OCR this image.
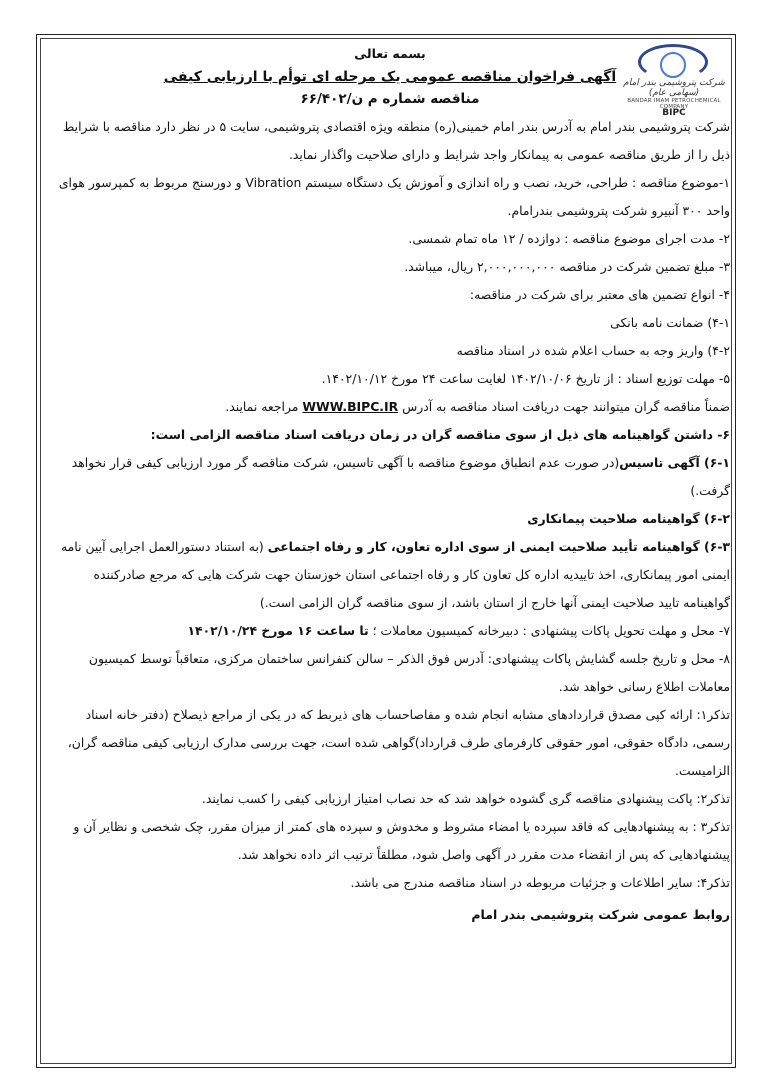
شرکت پتروشیمی بندر امام (سهامی عام)
BANDAR IMAM PETROCHEMICAL COMPANY
BIPC
بسمه تعالی
آگهی فراخوان مناقصه عمومی یک مرحله ای توأم با ارزیابی کیفی
مناقصه شماره م ن/۶۶/۴۰۲

شرکت پتروشیمی بندر امام به آدرس بندر امام خمینی(ره) منطقه ویژه اقتصادی پتروشیمی، سایت ۵ در نظر دارد مناقصه با شرایط ذیل را از طریق مناقصه عمومی به پیمانکار واجد شرایط و دارای صلاحیت واگذار نماید.

۱-موضوع مناقصه : طراحی، خرید، نصب و راه اندازی و آموزش یک دستگاه سیستم Vibration و دورسنج مربوط به کمپرسور هوای واحد ۳۰۰ آنبیرو شرکت پتروشیمی بندرامام.

۲- مدت اجرای موضوع مناقصه : دوازده / ۱۲ ماه تمام شمسی.

۳- مبلغ تضمین شرکت در مناقصه ۲,۰۰۰,۰۰۰,۰۰۰ ریال، میباشد.

۴- انواع تضمین های معتبر برای شرکت در مناقصه:

۴-۱) ضمانت نامه بانکی

۴-۲) واریز وجه به حساب اعلام شده در اسناد مناقصه

۵- مهلت توزیع اسناد : از تاریخ ۱۴۰۲/۱۰/۰۶ لغایت ساعت ۲۴ مورخ ۱۴۰۲/۱۰/۱۲.

ضمناً مناقصه گران میتوانند جهت دریافت اسناد مناقصه به آدرس WWW.BIPC.IR مراجعه نمایند.

۶- داشتن گواهینامه های ذیل از سوی مناقصه گران در زمان دریافت اسناد مناقصه الزامی است:

۶-۱) آگهی تاسیس(در صورت عدم انطباق موضوع مناقصه با آگهی تاسیس، شرکت مناقصه گر مورد ارزیابی کیفی قرار نخواهد گرفت.)

۶-۲) گواهینامه صلاحیت پیمانکاری

۶-۳) گواهینامه تأیید صلاحیت ایمنی از سوی اداره تعاون، کار و رفاه اجتماعی (به استناد دستورالعمل اجرایی آیین نامه ایمنی امور پیمانکاری، اخذ تاییدیه اداره کل تعاون کار و رفاه اجتماعی استان خوزستان جهت شرکت هایی که مرجع صادرکننده گواهینامه تایید صلاحیت ایمنی آنها خارج از استان باشد، از سوی مناقصه گران الزامی است.)

۷- محل و مهلت تحویل پاکات پیشنهادی : دبیرخانه کمیسیون معاملات ؛ تا ساعت ۱۶ مورخ ۱۴۰۲/۱۰/۲۴

۸- محل و تاریخ جلسه گشایش پاکات پیشنهادی: آدرس فوق الذکر – سالن کنفرانس ساختمان مرکزی، متعاقباً توسط کمیسیون معاملات اطلاع رسانی خواهد شد.

تذکر۱: ارائه کپی مصدق قراردادهای مشابه انجام شده و مفاصاحساب های ذیربط که در یکی از مراجع ذیصلاح (دفتر خانه اسناد رسمی، دادگاه حقوقی، امور حقوقی کارفرمای طرف قرارداد)گواهی شده است، جهت بررسی مدارک ارزیابی کیفی مناقصه گران، الزامیست.

تذکر۲: پاکت پیشنهادی مناقصه گری گشوده خواهد شد که حد نصاب امتیاز ارزیابی کیفی را کسب نمایند.

تذکر۳ : به پیشنهادهایی که فاقد سپرده یا امضاء مشروط و مخدوش و سپرده های کمتر از میزان مقرر، چک شخصی و نظایر آن و پیشنهادهایی که پس از انقضاء مدت مقرر در آگهی واصل شود، مطلقاً ترتیب اثر داده نخواهد شد.

تذکر۴: سایر اطلاعات و جزئیات مربوطه در اسناد مناقصه مندرج می باشد.

روابط عمومی شرکت پتروشیمی بندر امام
